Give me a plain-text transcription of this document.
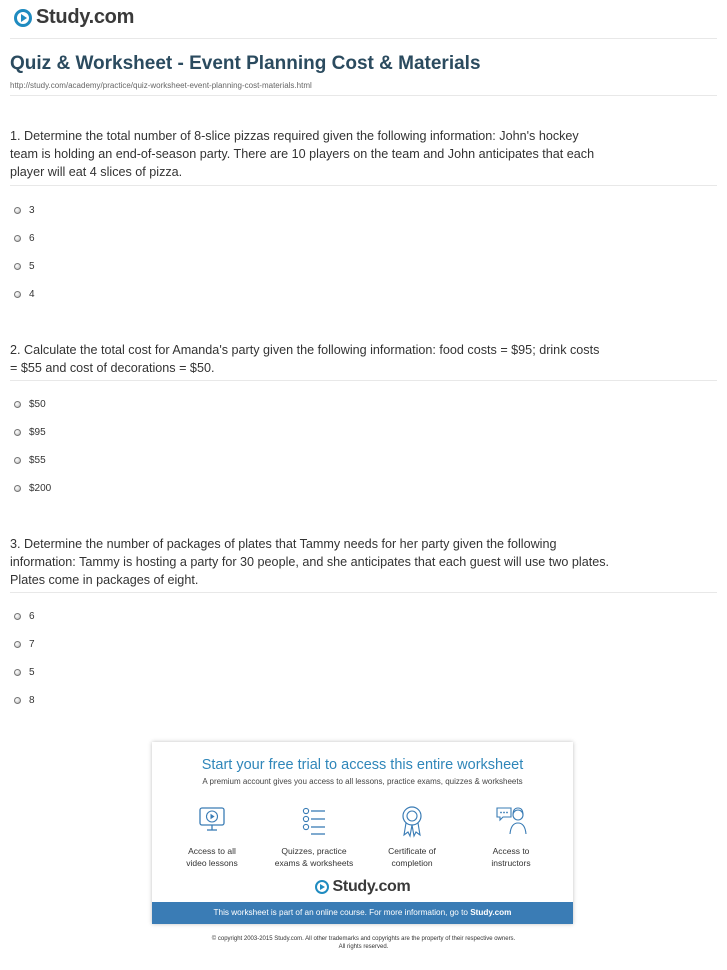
Study.com
Quiz & Worksheet - Event Planning Cost & Materials
http://study.com/academy/practice/quiz-worksheet-event-planning-cost-materials.html
1. Determine the total number of 8-slice pizzas required given the following information: John's hockey team is holding an end-of-season party. There are 10 players on the team and John anticipates that each player will eat 4 slices of pizza.
3
6
5
4
2. Calculate the total cost for Amanda's party given the following information: food costs = $95; drink costs = $55 and cost of decorations = $50.
$50
$95
$55
$200
3. Determine the number of packages of plates that Tammy needs for her party given the following information: Tammy is hosting a party for 30 people, and she anticipates that each guest will use two plates. Plates come in packages of eight.
6
7
5
8
Start your free trial to access this entire worksheet
A premium account gives you access to all lessons, practice exams, quizzes & worksheets
Access to all
video lessons
Quizzes, practice
exams & worksheets
Certificate of
completion
Access to
instructors
Study.com
This worksheet is part of an online course. For more information, go to Study.com
© copyright 2003-2015 Study.com. All other trademarks and copyrights are the property of their respective owners.
All rights reserved.
